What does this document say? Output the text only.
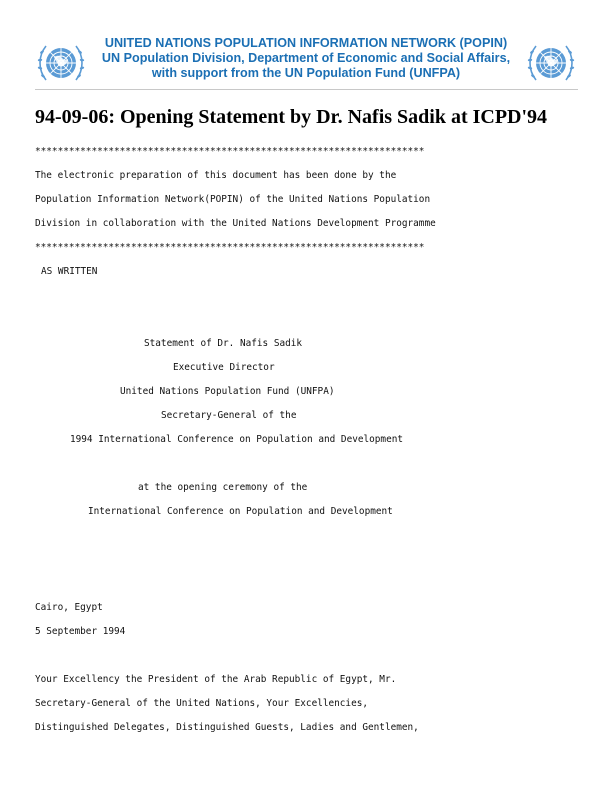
UNITED NATIONS POPULATION INFORMATION NETWORK (POPIN)
UN Population Division, Department of Economic and Social Affairs,
with support from the UN Population Fund (UNFPA)
94-09-06: Opening Statement by Dr. Nafis Sadik at ICPD'94
*********************************************************************
The electronic preparation of this document has been done by the
Population Information Network(POPIN) of the United Nations Population
Division in collaboration with the United Nations Development Programme
*********************************************************************
AS WRITTEN
Statement of Dr. Nafis Sadik
Executive Director
United Nations Population Fund (UNFPA)
Secretary-General of the
1994 International Conference on Population and Development
at the opening ceremony of the
International Conference on Population and Development
Cairo, Egypt
5 September 1994
Your Excellency the President of the Arab Republic of Egypt, Mr.
Secretary-General of the United Nations, Your Excellencies,
Distinguished Delegates, Distinguished Guests, Ladies and Gentlemen,
